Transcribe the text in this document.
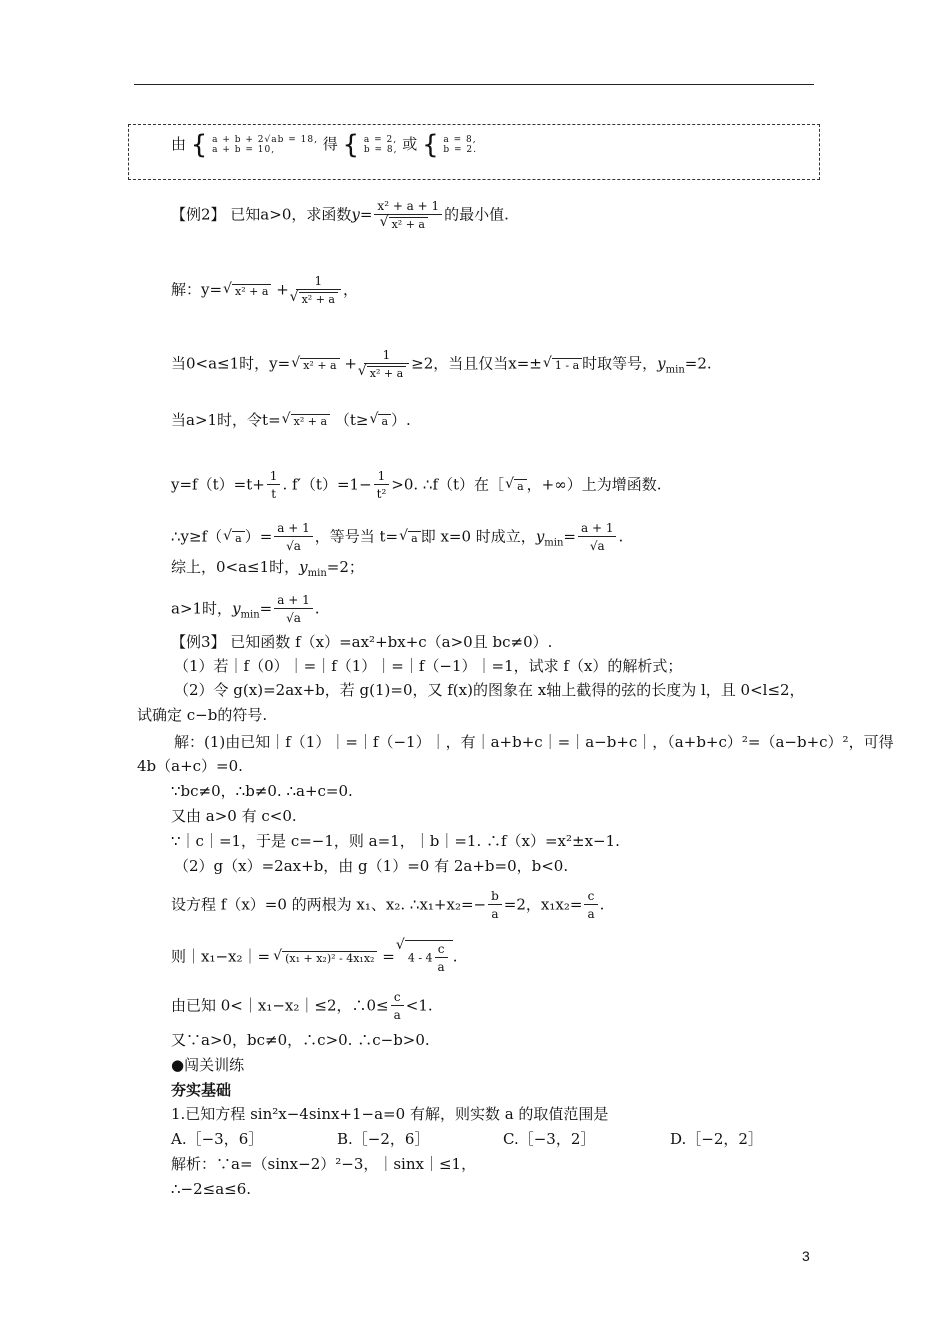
由 { a + b + 2√ab = 18,
a + b = 10,	得 { a = 2,
b = 8, 或 { a = 8,
b = 2.
【例2】 已知a>0，求函数y= x² + a + 1
√ x² + a 的最小值.
解：y= √ x² + a + 1
√ x² + a ，
当0<a≤1时，y= √ x² + a + 1
√ x² + a ≥2，当且仅当x=± √ 1 - a 时取等号，$y_{min}=2$.
当a>1时，令t= √ x² + a （t≥ √ a ）.
$y=f(t)=t+ \frac{1}{t}$ . $f'(t)=1- \frac{1}{\text{t²}} >0$. ∴f（t）在［ √ a ，+∞）上为增函数.
∴y≥f（ √ a ）= $\frac{a + 1}{√a}$ ，等号当 t= √ a 即 x=0 时成立，$y_{min}= \frac{a + 1}{√a}$ .
综上，0<a≤1时，$y_{min}=2$；
a>1时，$y_{min}= \frac{a + 1}{√a}$ .
【例3】 已知函数 f（x）=ax²+bx+c（a>0且 bc≠0）.
（1）若｜f（0）｜=｜f（1）｜=｜f（−1）｜=1，试求 f（x）的解析式；
（2）令 g(x)=2ax+b，若 g(1)=0，又 f(x)的图象在 x轴上截得的弦的长度为 l，且 0<l≤2，
试确定 c−b的符号.
解：(1)由已知｜f（1）｜=｜f（−1）｜，有｜a+b+c｜=｜a−b+c｜，（a+b+c）²=（a−b+c）²，可得
4b（a+c）=0.
∵bc≠0，∴b≠0. ∴a+c=0.
又由 a>0 有 c<0.
∵｜c｜=1，于是 c=−1，则 a=1，｜b｜=1. ∴f（x）=x²±x−1.
（2）g（x）=2ax+b，由 g（1）=0 有 2a+b=0，b<0.
设方程 f（x）=0 的两根为 x₁、x₂. ∴x₁+x₂=− $\frac{b}{a} =2$，$x_1x_2= \frac{c}{a}$ .
则｜x₁−x₂｜= √ (x₁ + x₂)² - 4x₁x₂ = √ $4 - 4 \frac{c}{a}$ .
由已知 0<｜x₁−x₂｜≤2，∴0≤ $\frac{c}{a} <1$.
又∵a>0，bc≠0，∴c>0. ∴c−b>0.
●闯关训练
夯实基础
1.已知方程 sin²x−4sinx+1−a=0 有解，则实数 a 的取值范围是
A.［−3，6］	B.［−2，6］	C.［−3，2］	D.［−2，2］
解析：∵a=（sinx−2）²−3，｜sinx｜≤1，
∴−2≤a≤6.
3
